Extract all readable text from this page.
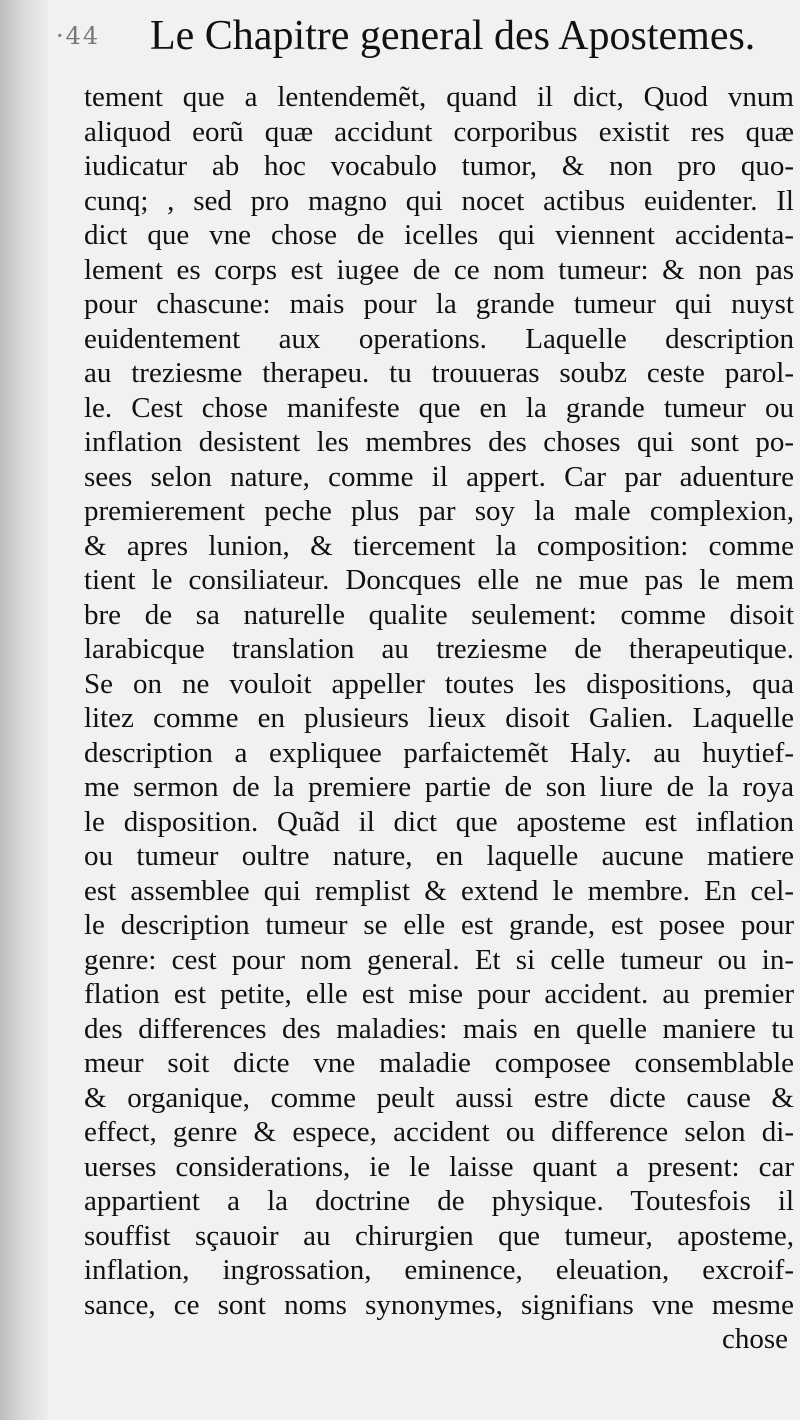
·44 Le Chapitre general des Apostemes.
tement que a lentendemẽt, quand il dict, Quod vnum
aliquod eorũ quæ accidunt corporibus existit res quæ
iudicatur ab hoc vocabulo tumor, & non pro quo-
cunq; , sed pro magno qui nocet actibus euidenter. Il
dict que vne chose de icelles qui viennent accidenta-
lement es corps est iugee de ce nom tumeur: & non pas
pour chascune: mais pour la grande tumeur qui nuyst
euidentement aux operations. Laquelle description
au treziesme therapeu. tu trouueras soubz ceste parol-
le. Cest chose manifeste que en la grande tumeur ou
inflation desistent les membres des choses qui sont po-
sees selon nature, comme il appert. Car par aduenture
premierement peche plus par soy la male complexion,
& apres lunion, & tiercement la composition: comme
tient le consiliateur. Doncques elle ne mue pas le mem
bre de sa naturelle qualite seulement: comme disoit
larabicque translation au treziesme de therapeutique.
Se on ne vouloit appeller toutes les dispositions, qua
litez comme en plusieurs lieux disoit Galien. Laquelle
description a expliquee parfaictemẽt Haly. au huytief-
me sermon de la premiere partie de son liure de la roya
le disposition. Quãd il dict que aposteme est inflation
ou tumeur oultre nature, en laquelle aucune matiere
est assemblee qui remplist & extend le membre. En cel-
le description tumeur se elle est grande, est posee pour
genre: cest pour nom general. Et si celle tumeur ou in-
flation est petite, elle est mise pour accident. au premier
des differences des maladies: mais en quelle maniere tu
meur soit dicte vne maladie composee consemblable
& organique, comme peult aussi estre dicte cause &
effect, genre & espece, accident ou difference selon di-
uerses considerations, ie le laisse quant a present: car
appartient a la doctrine de physique. Toutesfois il
souffist sçauoir au chirurgien que tumeur, aposteme,
inflation, ingrossation, eminence, eleuation, excroif-
sance, ce sont noms synonymes, signifians vne mesme
chose
